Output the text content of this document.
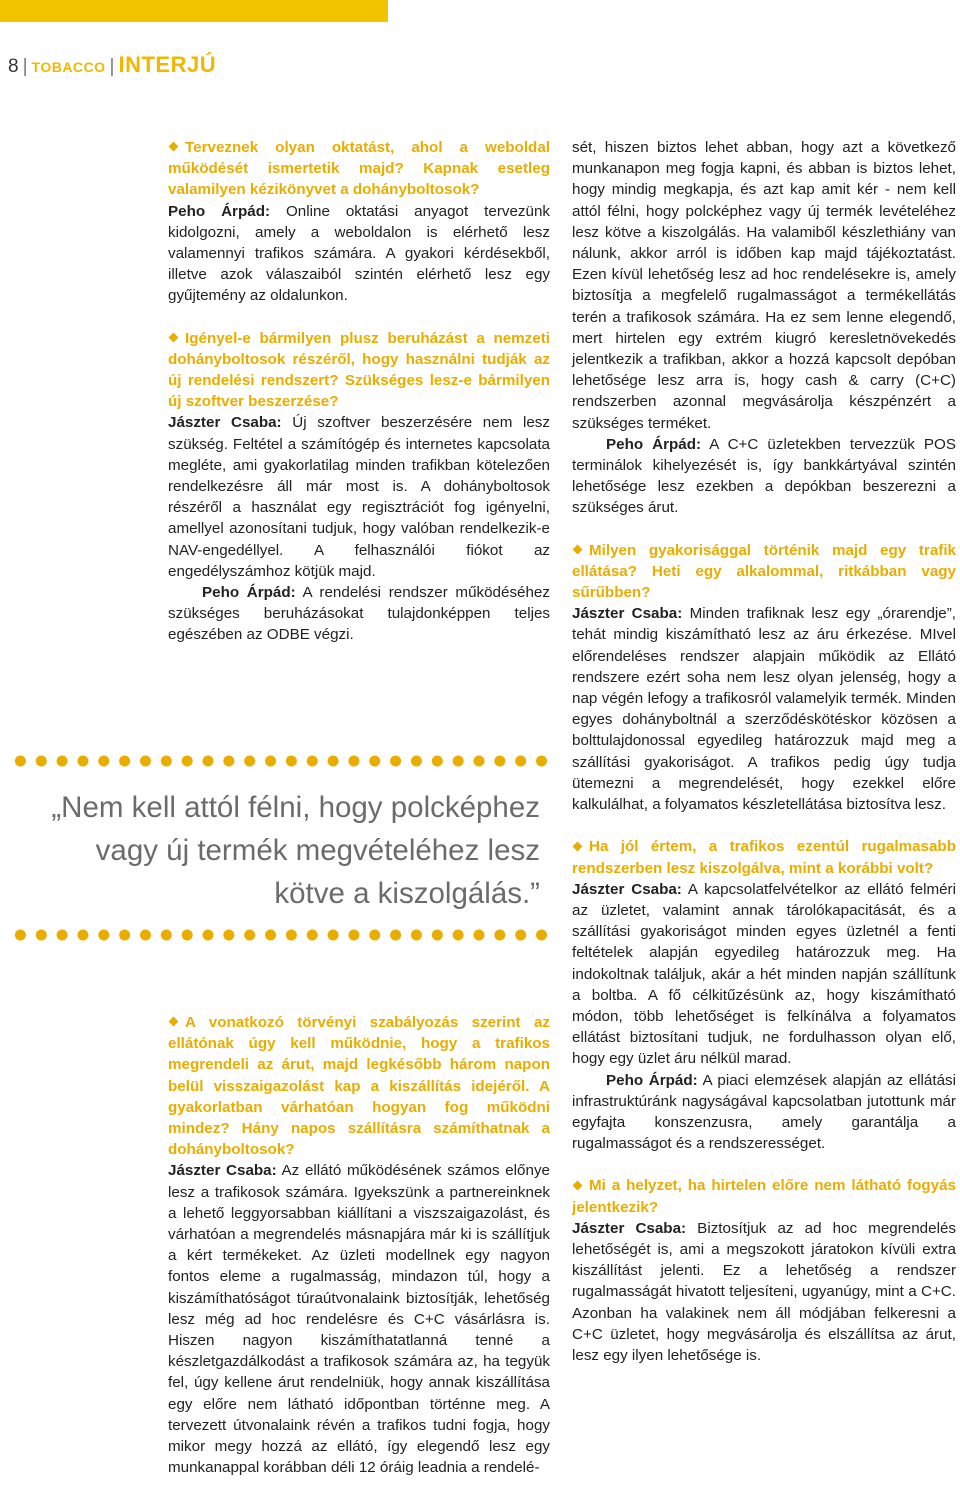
8 | TOBACCO | INTERJÚ

Terveznek olyan oktatást, ahol a weboldal működését ismertetik majd? Kapnak esetleg valamilyen kézikönyvet a dohányboltosok?

Peho Árpád: Online oktatási anyagot tervezünk kidolgozni, amely a weboldalon is elérhető lesz valamennyi trafikos számára. A gyakori kérdésekből, illetve azok válaszaiból szintén elérhető lesz egy gyűjtemény az oldalunkon.

Igényel-e bármilyen plusz beruházást a nemzeti dohányboltosok részéről, hogy használni tudják az új rendelési rendszert? Szükséges lesz-e bármilyen új szoftver beszerzése?

Jászter Csaba: Új szoftver beszerzésére nem lesz szükség. Feltétel a számítógép és internetes kapcsolata megléte, ami gyakorlatilag minden trafikban kötelezően rendelkezésre áll már most is. A dohányboltosok részéről a használat egy regisztrációt fog igényelni, amellyel azonosítani tudjuk, hogy valóban rendelkezik-e NAV-engedéllyel. A felhasználói fiókot az engedélyszámhoz kötjük majd.

Peho Árpád: A rendelési rendszer működéséhez szükséges beruházásokat tulajdonképpen teljes egészében az ODBE végzi.

„Nem kell attól félni, hogy polcképhez
vagy új termék megvételéhez lesz
kötve a kiszolgálás.”

A vonatkozó törvényi szabályozás szerint az ellátónak úgy kell működnie, hogy a trafikos megrendeli az árut, majd legkésőbb három napon belül visszaigazolást kap a kiszállítás idejéről. A gyakorlatban várhatóan hogyan fog működni mindez? Hány napos szállításra számíthatnak a dohányboltosok?

Jászter Csaba: Az ellátó működésének számos előnye lesz a trafikosok számára. Igyekszünk a partnereinknek a lehető leggyorsabban kiállítani a viszszaigazolást, és várhatóan a megrendelés másnapjára már ki is szállítjuk a kért termékeket. Az üzleti modellnek egy nagyon fontos eleme a rugalmasság, mindazon túl, hogy a kiszámíthatóságot túraútvonalaink biztosítják, lehetőség lesz még ad hoc rendelésre és C+C vásárlásra is. Hiszen nagyon kiszámíthatatlanná tenné a készletgazdálkodást a trafikosok számára az, ha tegyük fel, úgy kellene árut rendelniük, hogy annak kiszállítása egy előre nem látható időpontban történne meg. A tervezett útvonalaink révén a trafikos tudni fogja, hogy mikor megy hozzá az ellátó, így elegendő lesz egy munkanappal korábban déli 12 óráig leadnia a rendelé-

sét, hiszen biztos lehet abban, hogy azt a következő munkanapon meg fogja kapni, és abban is biztos lehet, hogy mindig megkapja, és azt kap amit kér - nem kell attól félni, hogy polcképhez vagy új termék levételéhez lesz kötve a kiszolgálás. Ha valamiből készlethiány van nálunk, akkor arról is időben kap majd tájékoztatást. Ezen kívül lehetőség lesz ad hoc rendelésekre is, amely biztosítja a megfelelő rugalmasságot a termékellátás terén a trafikosok számára. Ha ez sem lenne elegendő, mert hirtelen egy extrém kiugró keresletnövekedés jelentkezik a trafikban, akkor a hozzá kapcsolt depóban lehetősége lesz arra is, hogy cash & carry (C+C) rendszerben azonnal megvásárolja készpénzért a szükséges terméket.

Peho Árpád: A C+C üzletekben tervezzük POS terminálok kihelyezését is, így bankkártyával szintén lehetősége lesz ezekben a depókban beszerezni a szükséges árut.

Milyen gyakorisággal történik majd egy trafik ellátása? Heti egy alkalommal, ritkábban vagy sűrűbben?

Jászter Csaba: Minden trafiknak lesz egy „órarendje”, tehát mindig kiszámítható lesz az áru érkezése. MIvel előrendeléses rendszer alapjain működik az Ellátó rendszere ezért soha nem lesz olyan jelenség, hogy a nap végén lefogy a trafikosról valamelyik termék. Minden egyes dohányboltnál a szerződéskötéskor közösen a bolttulajdonossal egyedileg határozzuk majd meg a szállítási gyakoriságot. A trafikos pedig úgy tudja ütemezni a megrendelését, hogy ezekkel előre kalkulálhat, a folyamatos készletellátása biztosítva lesz.

Ha jól értem, a trafikos ezentúl rugalmasabb rendszerben lesz kiszolgálva, mint a korábbi volt?

Jászter Csaba: A kapcsolatfelvételkor az ellátó felméri az üzletet, valamint annak tárolókapacitását, és a szállítási gyakoriságot minden egyes üzletnél a fenti feltételek alapján egyedileg határozzuk meg. Ha indokoltnak találjuk, akár a hét minden napján szállítunk a boltba. A fő célkitűzésünk az, hogy kiszámítható módon, több lehetőséget is felkínálva a folyamatos ellátást biztosítani tudjuk, ne fordulhasson olyan elő, hogy egy üzlet áru nélkül marad.

Peho Árpád: A piaci elemzések alapján az ellátási infrastruktúránk nagyságával kapcsolatban jutottunk már egyfajta konszenzusra, amely garantálja a rugalmasságot és a rendszerességet.

Mi a helyzet, ha hirtelen előre nem látható fogyás jelentkezik?

Jászter Csaba: Biztosítjuk az ad hoc megrendelés lehetőségét is, ami a megszokott járatokon kívüli extra kiszállítást jelenti. Ez a lehetőség a rendszer rugalmasságát hivatott teljesíteni, ugyanúgy, mint a C+C. Azonban ha valakinek nem áll módjában felkeresni a C+C üzletet, hogy megvásárolja és elszállítsa az árut, lesz egy ilyen lehetősége is.
